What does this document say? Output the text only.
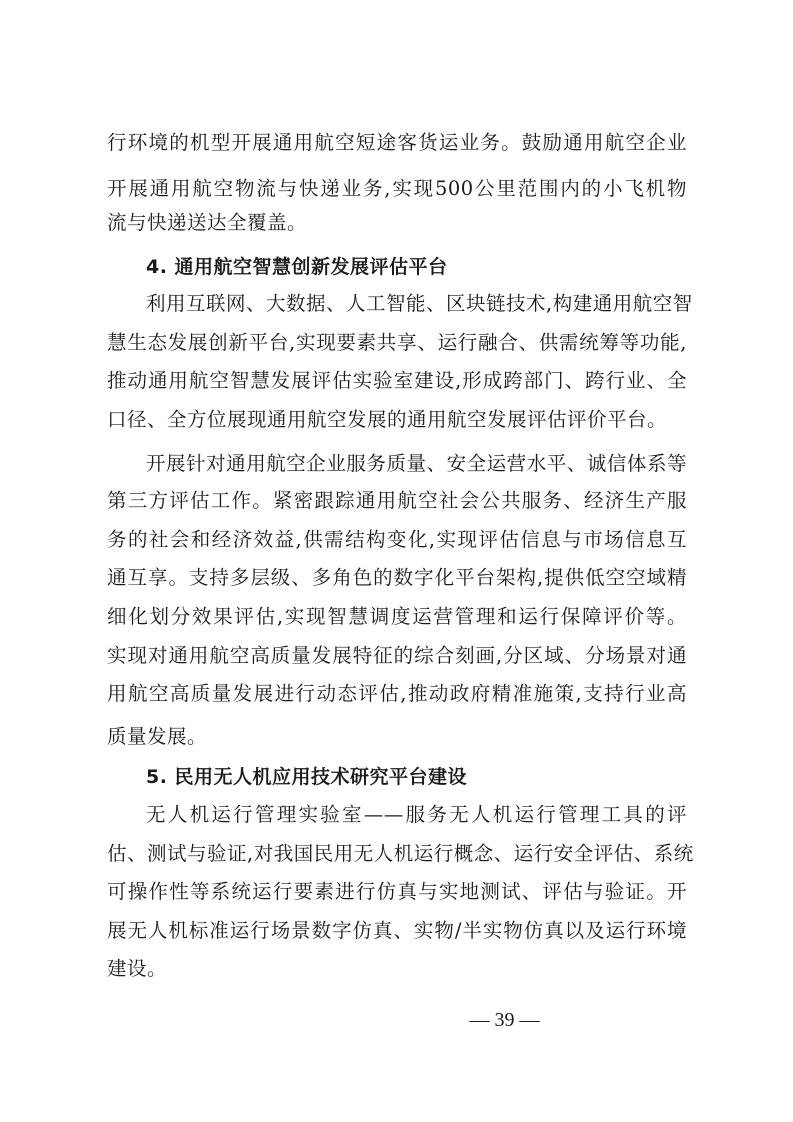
行环境的机型开展通用航空短途客货运业务。鼓励通用航空企业
开展通用航空物流与快递业务,实现500公里范围内的小飞机物
流与快递送达全覆盖。
4. 通用航空智慧创新发展评估平台
利用互联网、大数据、人工智能、区块链技术,构建通用航空智
慧生态发展创新平台,实现要素共享、运行融合、供需统筹等功能,
推动通用航空智慧发展评估实验室建设,形成跨部门、跨行业、全
口径、全方位展现通用航空发展的通用航空发展评估评价平台。
开展针对通用航空企业服务质量、安全运营水平、诚信体系等
第三方评估工作。紧密跟踪通用航空社会公共服务、经济生产服
务的社会和经济效益,供需结构变化,实现评估信息与市场信息互
通互享。支持多层级、多角色的数字化平台架构,提供低空空域精
细化划分效果评估,实现智慧调度运营管理和运行保障评价等。
实现对通用航空高质量发展特征的综合刻画,分区域、分场景对通
用航空高质量发展进行动态评估,推动政府精准施策,支持行业高
质量发展。
5. 民用无人机应用技术研究平台建设
无人机运行管理实验室——服务无人机运行管理工具的评
估、测试与验证,对我国民用无人机运行概念、运行安全评估、系统
可操作性等系统运行要素进行仿真与实地测试、评估与验证。开
展无人机标准运行场景数字仿真、实物/半实物仿真以及运行环境
建设。
— 39 —
